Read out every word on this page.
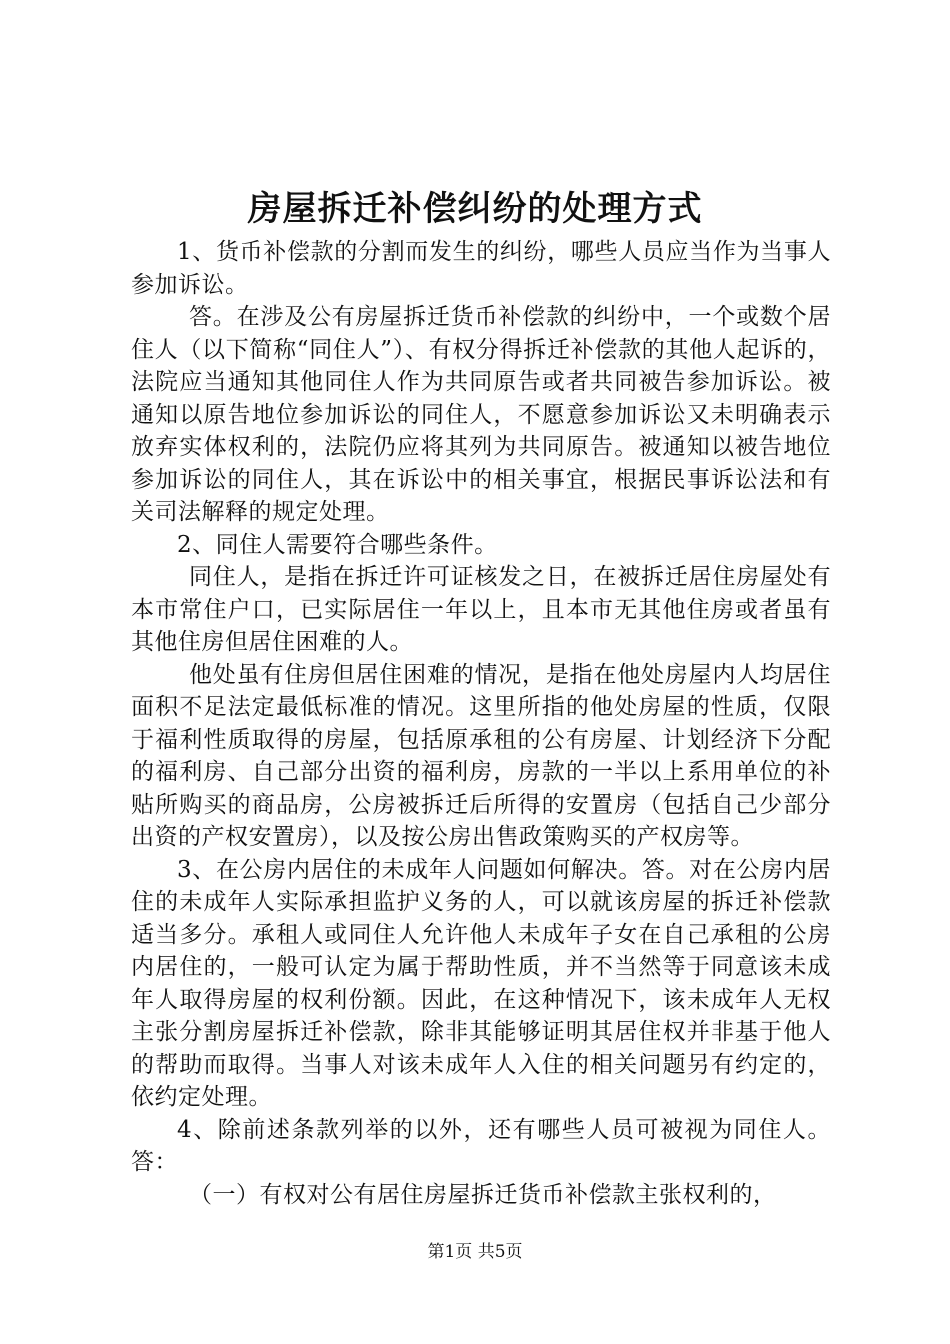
房屋拆迁补偿纠纷的处理方式

1、货币补偿款的分割而发生的纠纷，哪些人员应当作为当事人参加诉讼。

答。在涉及公有房屋拆迁货币补偿款的纠纷中，一个或数个居住人（以下简称“同住人”）、有权分得拆迁补偿款的其他人起诉的，法院应当通知其他同住人作为共同原告或者共同被告参加诉讼。被通知以原告地位参加诉讼的同住人，不愿意参加诉讼又未明确表示放弃实体权利的，法院仍应将其列为共同原告。被通知以被告地位参加诉讼的同住人，其在诉讼中的相关事宜，根据民事诉讼法和有关司法解释的规定处理。

2、同住人需要符合哪些条件。

同住人，是指在拆迁许可证核发之日，在被拆迁居住房屋处有本市常住户口，已实际居住一年以上，且本市无其他住房或者虽有其他住房但居住困难的人。

他处虽有住房但居住困难的情况，是指在他处房屋内人均居住面积不足法定最低标准的情况。这里所指的他处房屋的性质，仅限于福利性质取得的房屋，包括原承租的公有房屋、计划经济下分配的福利房、自己部分出资的福利房，房款的一半以上系用单位的补贴所购买的商品房，公房被拆迁后所得的安置房（包括自己少部分出资的产权安置房），以及按公房出售政策购买的产权房等。

3、在公房内居住的未成年人问题如何解决。答。对在公房内居住的未成年人实际承担监护义务的人，可以就该房屋的拆迁补偿款适当多分。承租人或同住人允许他人未成年子女在自己承租的公房内居住的，一般可认定为属于帮助性质，并不当然等于同意该未成年人取得房屋的权利份额。因此，在这种情况下，该未成年人无权主张分割房屋拆迁补偿款，除非其能够证明其居住权并非基于他人的帮助而取得。当事人对该未成年人入住的相关问题另有约定的，依约定处理。

4、除前述条款列举的以外，还有哪些人员可被视为同住人。答：

（一）有权对公有居住房屋拆迁货币补偿款主张权利的，

第1页 共5页
